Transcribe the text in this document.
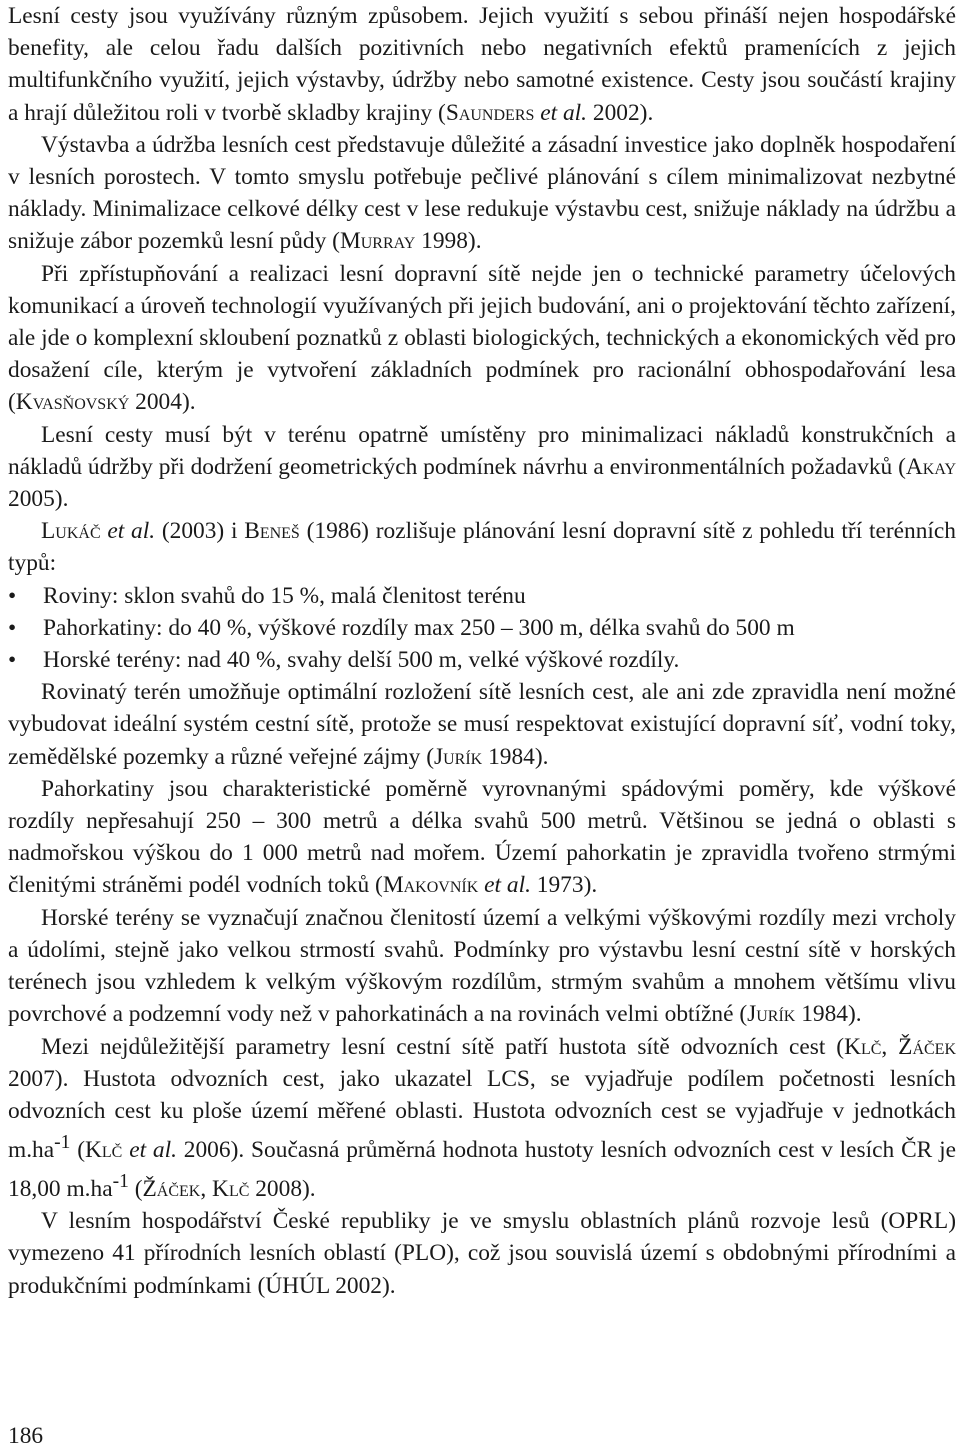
Lesní cesty jsou využívány různým způsobem. Jejich využití s sebou přináší nejen hospodářské benefity, ale celou řadu dalších pozitivních nebo negativních efektů pramenících z jejich multifunkčního využití, jejich výstavby, údržby nebo samotné existence. Cesty jsou součástí krajiny a hrají důležitou roli v tvorbě skladby krajiny (Saunders et al. 2002).

Výstavba a údržba lesních cest představuje důležité a zásadní investice jako doplněk hospodaření v lesních porostech. V tomto smyslu potřebuje pečlivé plánování s cílem minimalizovat nezbytné náklady. Minimalizace celkové délky cest v lese redukuje výstavbu cest, snižuje náklady na údržbu a snižuje zábor pozemků lesní půdy (Murray 1998).

Při zpřístupňování a realizaci lesní dopravní sítě nejde jen o technické parametry účelových komunikací a úroveň technologií využívaných při jejich budování, ani o projektování těchto zařízení, ale jde o komplexní skloubení poznatků z oblasti biologických, technických a ekonomických věd pro dosažení cíle, kterým je vytvoření základních podmínek pro racionální obhospodařování lesa (Kvasňovský 2004).

Lesní cesty musí být v terénu opatrně umístěny pro minimalizaci nákladů konstrukčních a nákladů údržby při dodržení geometrických podmínek návrhu a environmentálních požadavků (Akay 2005).

Lukáč et al. (2003) i Beneš (1986) rozlišuje plánování lesní dopravní sítě z pohledu tří terénních typů:

• Roviny: sklon svahů do 15 %, malá členitost terénu
• Pahorkatiny: do 40 %, výškové rozdíly max 250 – 300 m, délka svahů do 500 m
• Horské terény: nad 40 %, svahy delší 500 m, velké výškové rozdíly.

Rovinatý terén umožňuje optimální rozložení sítě lesních cest, ale ani zde zpravidla není možné vybudovat ideální systém cestní sítě, protože se musí respektovat existující dopravní síť, vodní toky, zemědělské pozemky a různé veřejné zájmy (Jurík 1984).

Pahorkatiny jsou charakteristické poměrně vyrovnanými spádovými poměry, kde výškové rozdíly nepřesahují 250 – 300 metrů a délka svahů 500 metrů. Většinou se jedná o oblasti s nadmořskou výškou do 1 000 metrů nad mořem. Území pahorkatin je zpravidla tvořeno strmými členitými stráněmi podél vodních toků (Makovník et al. 1973).

Horské terény se vyznačují značnou členitostí území a velkými výškovými rozdíly mezi vrcholy a údolími, stejně jako velkou strmostí svahů. Podmínky pro výstavbu lesní cestní sítě v horských terénech jsou vzhledem k velkým výškovým rozdílům, strmým svahům a mnohem většímu vlivu povrchové a podzemní vody než v pahorkatinách a na rovinách velmi obtížné (Jurík 1984).

Mezi nejdůležitější parametry lesní cestní sítě patří hustota sítě odvozních cest (Klč, Žáček 2007). Hustota odvozních cest, jako ukazatel LCS, se vyjadřuje podílem početnosti lesních odvozních cest ku ploše území měřené oblasti. Hustota odvozních cest se vyjadřuje v jednotkách $m.ha^{-1}$ (Klč et al. 2006). Současná průměrná hodnota hustoty lesních odvozních cest v lesích ČR je 18,00 $m.ha^{-1}$ (Žáček, Klč 2008).

V lesním hospodářství České republiky je ve smyslu oblastních plánů rozvoje lesů (OPRL) vymezeno 41 přírodních lesních oblastí (PLO), což jsou souvislá území s obdobnými přírodními a produkčními podmínkami (ÚHÚL 2002).

186
